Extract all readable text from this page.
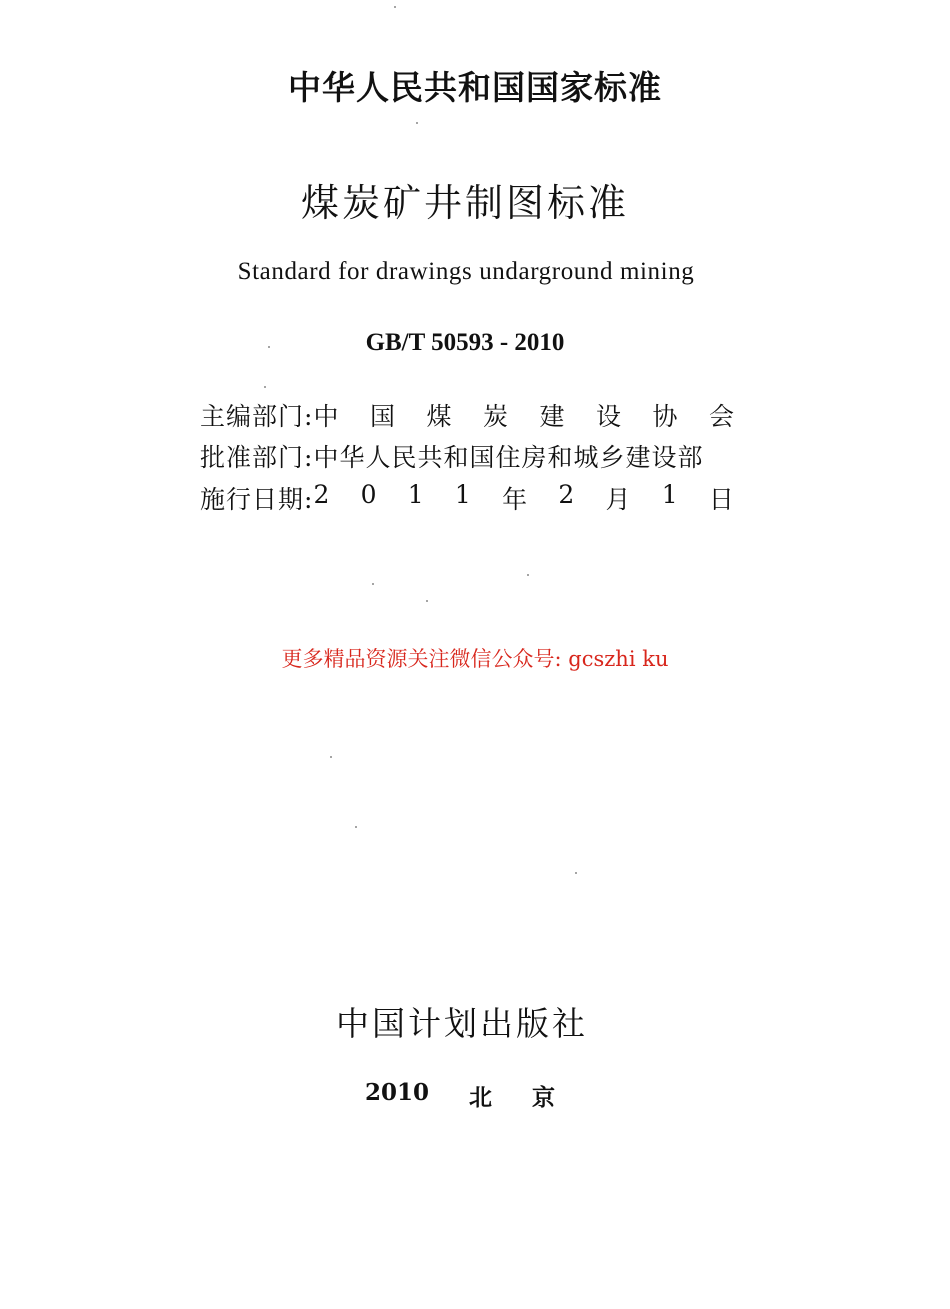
中华人民共和国国家标准
煤炭矿井制图标准
Standard for drawings undarground mining
GB/T 50593 - 2010
主编部门: 中 国 煤 炭 建 设 协 会
批准部门: 中华人民共和国住房和城乡建设部
施行日期: 2 0 1 1 年 2 月 1 日
更多精品资源关注微信公众号: gcszhi ku
中国计划出版社
2010 北 京
